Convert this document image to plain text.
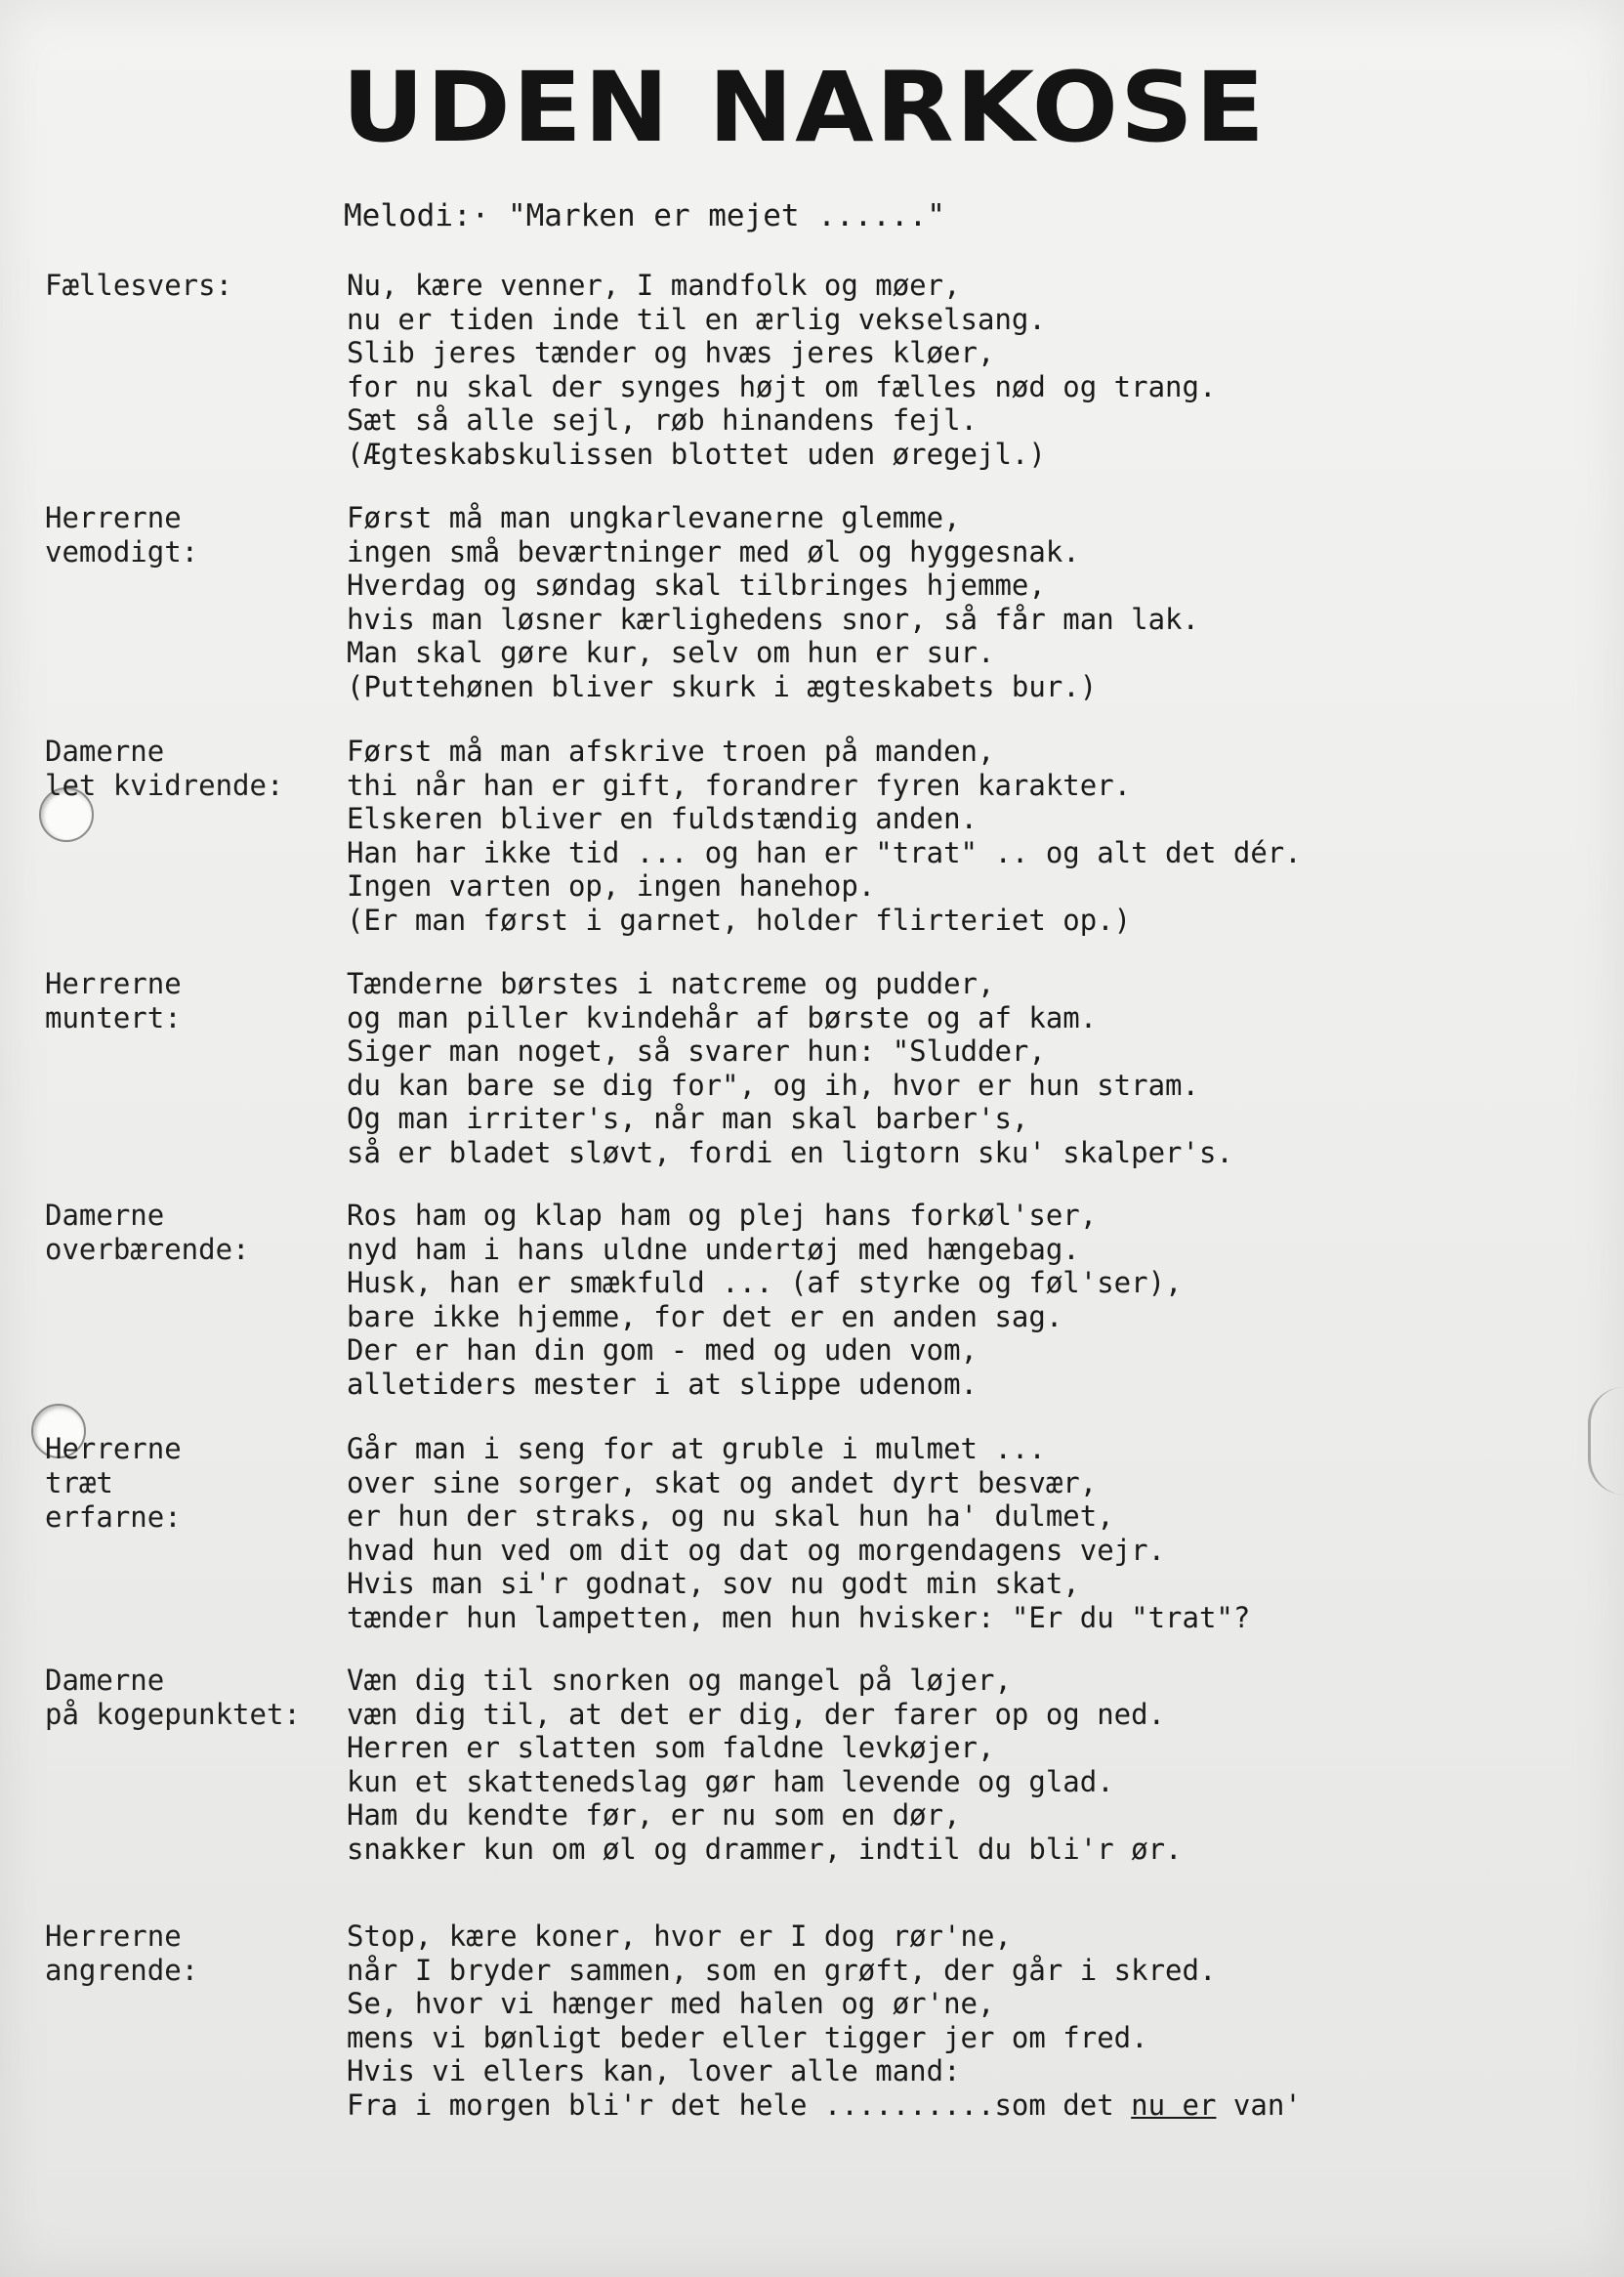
UDEN NARKOSE

Melodi:· "Marken er mejet ......"

Fællesvers:	Nu, kære venner, I mandfolk og møer,
nu er tiden inde til en ærlig vekselsang.
Slib jeres tænder og hvæs jeres kløer,
for nu skal der synges højt om fælles nød og trang.
Sæt så alle sejl, røb hinandens fejl.
(Ægteskabskulissen blottet uden øregejl.)

Herrerne
vemodigt:

Først må man ungkarlevanerne glemme,
ingen små beværtninger med øl og hyggesnak.
Hverdag og søndag skal tilbringes hjemme,
hvis man løsner kærlighedens snor, så får man lak.
Man skal gøre kur, selv om hun er sur.
(Puttehønen bliver skurk i ægteskabets bur.)

Damerne
let kvidrende:

Først må man afskrive troen på manden,
thi når han er gift, forandrer fyren karakter.
Elskeren bliver en fuldstændig anden.
Han har ikke tid ... og han er "trat" .. og alt det dér.
Ingen varten op, ingen hanehop.
(Er man først i garnet, holder flirteriet op.)

Herrerne
muntert:

Tænderne børstes i natcreme og pudder,
og man piller kvindehår af børste og af kam.
Siger man noget, så svarer hun: "Sludder,
du kan bare se dig for", og ih, hvor er hun stram.
Og man irriter's, når man skal barber's,
så er bladet sløvt, fordi en ligtorn sku' skalper's.

Damerne
overbærende:

Ros ham og klap ham og plej hans forkøl'ser,
nyd ham i hans uldne undertøj med hængebag.
Husk, han er smækfuld ... (af styrke og føl'ser),
bare ikke hjemme, for det er en anden sag.
Der er han din gom - med og uden vom,
alletiders mester i at slippe udenom.

Herrerne
træt
erfarne:

Går man i seng for at gruble i mulmet ...
over sine sorger, skat og andet dyrt besvær,
er hun der straks, og nu skal hun ha' dulmet,
hvad hun ved om dit og dat og morgendagens vejr.
Hvis man si'r godnat, sov nu godt min skat,
tænder hun lampetten, men hun hvisker: "Er du "trat"?

Damerne
på kogepunktet:

Væn dig til snorken og mangel på løjer,
væn dig til, at det er dig, der farer op og ned.
Herren er slatten som faldne levkøjer,
kun et skattenedslag gør ham levende og glad.
Ham du kendte før, er nu som en dør,
snakker kun om øl og drammer, indtil du bli'r ør.

Herrerne
angrende:

Stop, kære koner, hvor er I dog rør'ne,
når I bryder sammen, som en grøft, der går i skred.
Se, hvor vi hænger med halen og ør'ne,
mens vi bønligt beder eller tigger jer om fred.
Hvis vi ellers kan, lover alle mand:
Fra i morgen bli'r det hele ..........som det nu er van'
